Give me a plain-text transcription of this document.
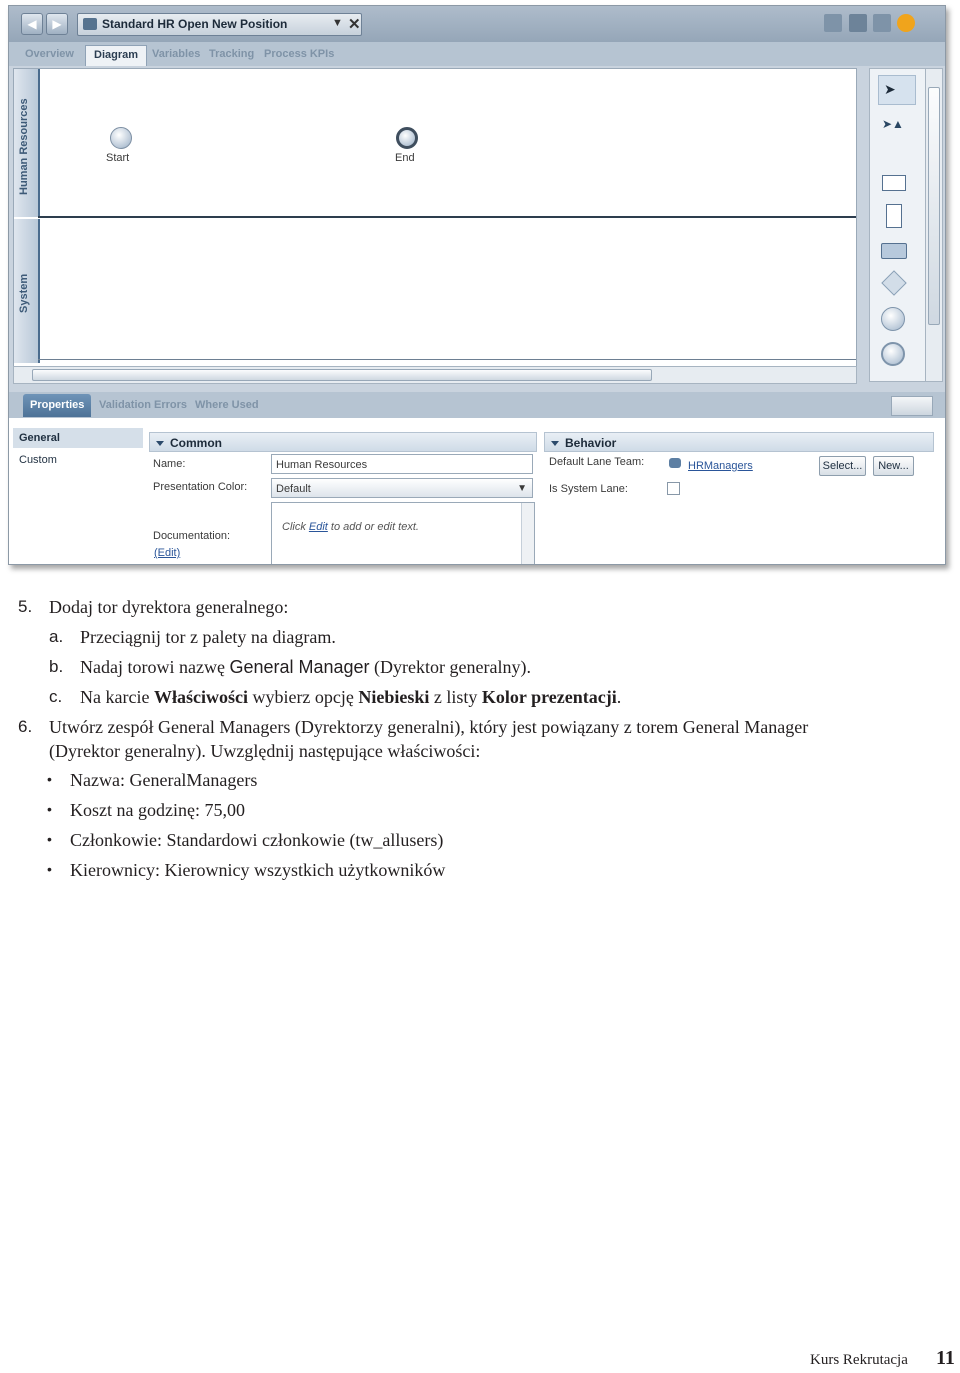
◀	▶	Standard HR Open New Position	▼ ✕
Overview	Diagram	Variables Tracking Process KPIs
Human Resources
System
Start	End
➤
➤▲
Properties	Validation Errors Where Used
General
Custom
Common
Name:	Human Resources
Presentation Color:	Default	▼
Documentation:
(Edit)
Click Edit to add or edit text.
Behavior
Default Lane Team:	HRManagers	Select...	New...
Is System Lane:
5. Dodaj tor dyrektora generalnego:
a. Przeciągnij tor z palety na diagram.
b. Nadaj torowi nazwę General Manager (Dyrektor generalny).
c. Na karcie Właściwości wybierz opcję Niebieski z listy Kolor prezentacji.
6. Utwórz zespół General Managers (Dyrektorzy generalni), który jest powiązany z torem General Manager
(Dyrektor generalny). Uwzględnij następujące właściwości:
• Nazwa: GeneralManagers
• Koszt na godzinę: 75,00
• Członkowie: Standardowi członkowie (tw_allusers)
• Kierownicy: Kierownicy wszystkich użytkowników
Kurs Rekrutacja 11
